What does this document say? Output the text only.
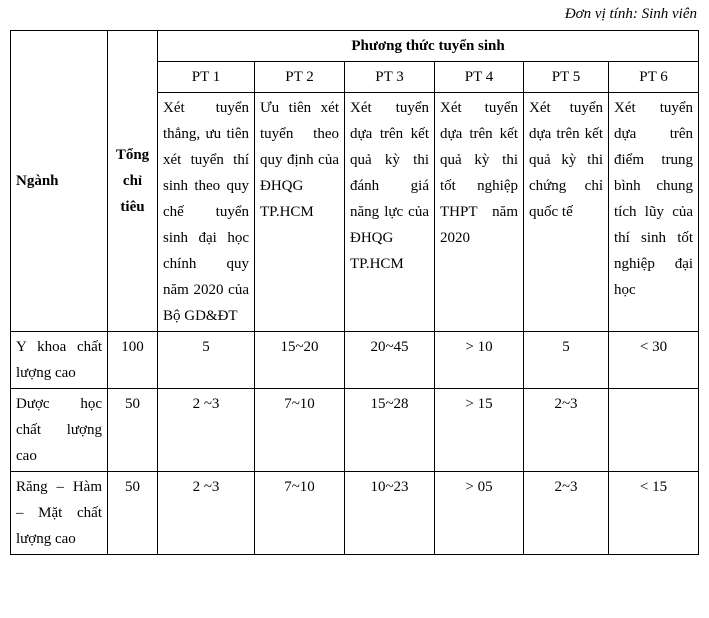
Đơn vị tính: Sinh viên
Ngành	Tổng chỉ tiêu	Phương thức tuyển sinh					
		PT 1	PT 2	PT 3	PT 4	PT 5	PT 6
		Xét tuyển thẳng, ưu tiên xét tuyển thí sinh theo quy chế tuyển sinh đại học chính quy năm 2020 của Bộ GD&ĐT	Ưu tiên xét tuyển theo quy định của ĐHQG TP.HCM	Xét tuyển dựa trên kết quả kỳ thi đánh giá năng lực của ĐHQG TP.HCM	Xét tuyển dựa trên kết quả kỳ thi tốt nghiệp THPT năm 2020	Xét tuyển dựa trên kết quả kỳ thi chứng chỉ quốc tế	Xét tuyển dựa trên điểm trung bình chung tích lũy của thí sinh tốt nghiệp đại học
Y khoa chất lượng cao	100	5	15~20	20~45	> 10	5	< 30
Dược học chất lượng cao	50	2 ~3	7~10	15~28	> 15	2~3	
Răng – Hàm – Mặt chất lượng cao	50	2 ~3	7~10	10~23	> 05	2~3	< 15
